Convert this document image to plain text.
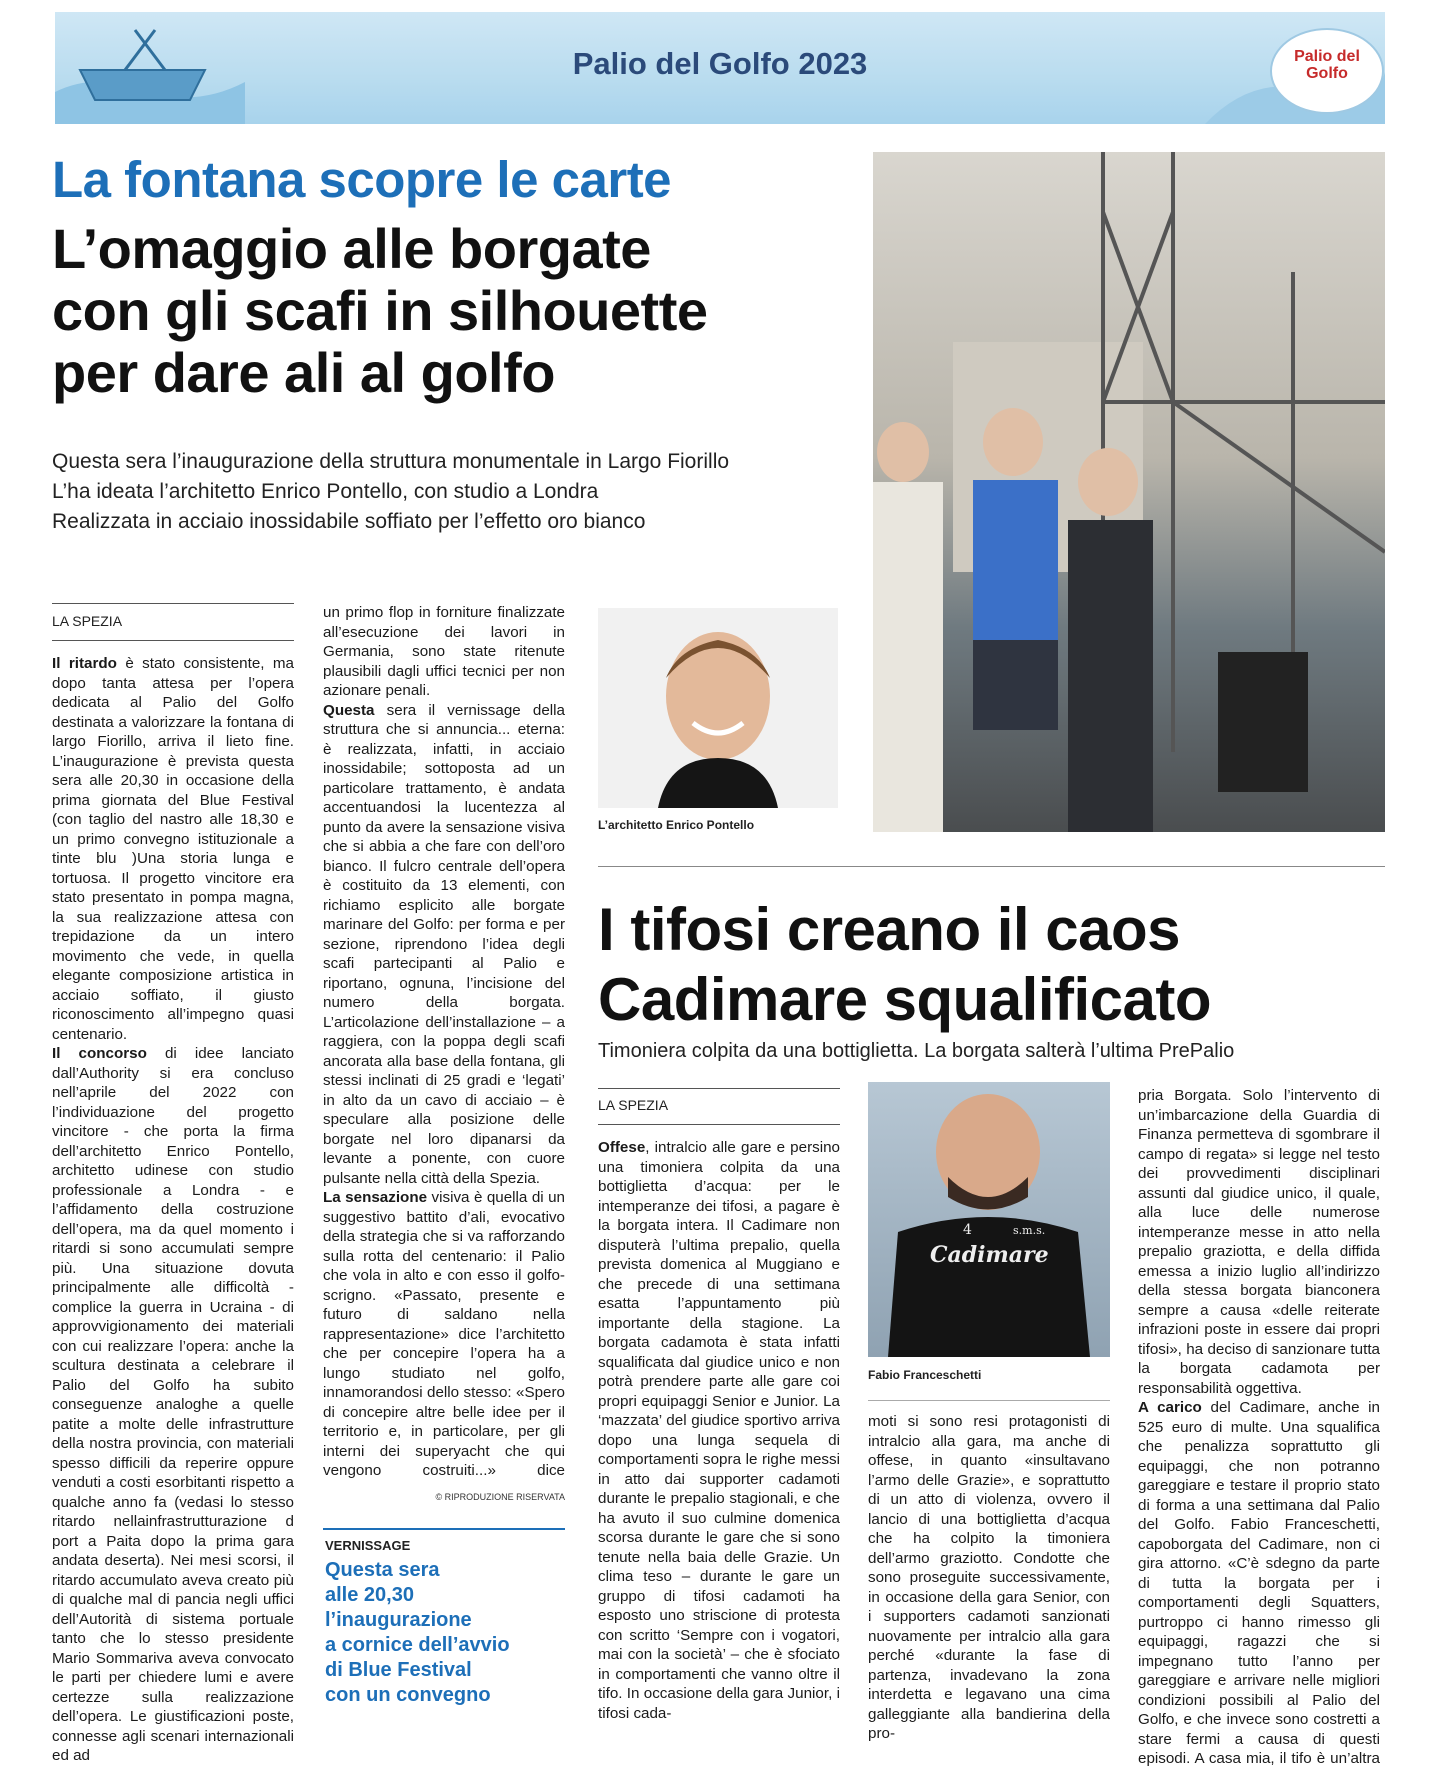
Palio del Golfo 2023	Palio del Golfo
La fontana scopre le carte
L’omaggio alle borgate
con gli scafi in silhouette
per dare ali al golfo
Questa sera l’inaugurazione della struttura monumentale in Largo Fiorillo
L’ha ideata l’architetto Enrico Pontello, con studio a Londra
Realizzata in acciaio inossidabile soffiato per l’effetto oro bianco
L’architetto Enrico Pontello
LA SPEZIA

Il ritardo è stato consistente, ma dopo tanta attesa per l’opera dedicata al Palio del Golfo destinata a valorizzare la fontana di largo Fiorillo, arriva il lieto fine. L’inaugurazione è prevista questa sera alle 20,30 in occasione della prima giornata del Blue Festival (con taglio del nastro alle 18,30 e un primo convegno istituzionale a tinte blu )Una storia lunga e tortuosa. Il progetto vincitore era stato presentato in pompa magna, la sua realizzazione attesa con trepidazione da un intero movimento che vede, in quella elegante composizione artistica in acciaio soffiato, il giusto riconoscimento all’impegno quasi centenario.

Il concorso di idee lanciato dall’Authority si era concluso nell’aprile del 2022 con l’individuazione del progetto vincitore - che porta la firma dell’architetto Enrico Pontello, architetto udinese con studio professionale a Londra - e l’affidamento della costruzione dell’opera, ma da quel momento i ritardi si sono accumulati sempre più. Una situazione dovuta principalmente alle difficoltà - complice la guerra in Ucraina - di approvvigionamento dei materiali con cui realizzare l’opera: anche la scultura destinata a celebrare il Palio del Golfo ha subito conseguenze analoghe a quelle patite a molte delle infrastrutture della nostra provincia, con materiali spesso difficili da reperire oppure venduti a costi esorbitanti rispetto a qualche anno fa (vedasi lo stesso ritardo nellainfrastrutturazione d port a Paita dopo la prima gara andata deserta). Nei mesi scorsi, il ritardo accumulato aveva creato più di qualche mal di pancia negli uffici dell’Autorità di sistema portuale tanto che lo stesso presidente Mario Sommariva aveva convocato le parti per chiedere lumi e avere certezze sulla realizzazione dell’opera. Le giustificazioni poste, connesse agli scenari internazionali ed ad

un primo flop in forniture finalizzate all’esecuzione dei lavori in Germania, sono state ritenute plausibili dagli uffici tecnici per non azionare penali.

Questa sera il vernissage della struttura che si annuncia... eterna: è realizzata, infatti, in acciaio inossidabile; sottoposta ad un particolare trattamento, è andata accentuandosi la lucentezza al punto da avere la sensazione visiva che si abbia a che fare con dell’oro bianco. Il fulcro centrale dell’opera è costituito da 13 elementi, con richiamo esplicito alle borgate marinare del Golfo: per forma e per sezione, riprendono l’idea degli scafi partecipanti al Palio e riportano, ognuna, l’incisione del numero della borgata. L’articolazione dell’installazione – a raggiera, con la poppa degli scafi ancorata alla base della fontana, gli stessi inclinati di 25 gradi e ‘legati’ in alto da un cavo di acciaio – è speculare alla posizione delle borgate nel loro dipanarsi da levante a ponente, con cuore pulsante nella città della Spezia.

La sensazione visiva è quella di un suggestivo battito d’ali, evocativo della strategia che si va rafforzando sulla rotta del centenario: il Palio che vola in alto e con esso il golfo-scrigno. «Passato, presente e futuro di saldano nella rappresentazione» dice l’architetto che per concepire l’opera ha a lungo studiato nel golfo, innamorandosi dello stesso: «Spero di concepire altre belle idee per il territorio e, in particolare, per gli interni dei superyacht che qui vengono costruiti...» dice

© RIPRODUZIONE RISERVATA
VERNISSAGE
Questa sera
alle 20,30
l’inaugurazione
a cornice dell’avvio
di Blue Festival
con un convegno
I tifosi creano il caos
Cadimare squalificato
Timoniera colpita da una bottiglietta. La borgata salterà l’ultima PrePalio
LA SPEZIA

Offese, intralcio alle gare e persino una timoniera colpita da una bottiglietta d’acqua: per le intemperanze dei tifosi, a pagare è la borgata intera. Il Cadimare non disputerà l’ultima prepalio, quella prevista domenica al Muggiano e che precede di una settimana esatta l’appuntamento più importante della stagione. La borgata cadamota è stata infatti squalificata dal giudice unico e non potrà prendere parte alle gare coi propri equipaggi Senior e Junior. La ‘mazzata’ del giudice sportivo arriva dopo una lunga sequela di comportamenti sopra le righe messi in atto dai supporter cadamoti durante le prepalio stagionali, e che ha avuto il suo culmine domenica scorsa durante le gare che si sono tenute nella baia delle Grazie. Un clima teso – durante le gare un gruppo di tifosi cadamoti ha esposto uno striscione di protesta con scritto ‘Sempre con i vogatori, mai con la società’ – che è sfociato in comportamenti che vanno oltre il tifo. In occasione della gara Junior, i tifosi cada-

4	s.m.s.
Cadimare
Fabio Franceschetti

moti si sono resi protagonisti di intralcio alla gara, ma anche di offese, in quanto «insultavano l’armo delle Grazie», e soprattutto di un atto di violenza, ovvero il lancio di una bottiglietta d’acqua che ha colpito la timoniera dell’armo graziotto. Condotte che sono proseguite successivamente, in occasione della gara Senior, con i supporters cadamoti sanzionati nuovamente per intralcio alla gara perché «durante la fase di partenza, invadevano la zona interdetta e legavano una cima galleggiante alla bandierina della pro-

pria Borgata. Solo l’intervento di un’imbarcazione della Guardia di Finanza permetteva di sgombrare il campo di regata» si legge nel testo dei provvedimenti disciplinari assunti dal giudice unico, il quale, alla luce delle numerose intemperanze messe in atto nella prepalio graziotta, e della diffida emessa a inizio luglio all’indirizzo della stessa borgata bianconera sempre a causa «delle reiterate infrazioni poste in essere dai propri tifosi», ha deciso di sanzionare tutta la borgata cadamota per responsabilità oggettiva.

A carico del Cadimare, anche in 525 euro di multe. Una squalifica che penalizza soprattutto gli equipaggi, che non potranno gareggiare e testare il proprio stato di forma a una settimana dal Palio del Golfo. Fabio Franceschetti, capoborgata del Cadimare, non ci gira attorno. «C’è sdegno da parte di tutta la borgata per i comportamenti degli Squatters, purtroppo ci hanno rimesso gli equipaggi, ragazzi che si impegnano tutto l’anno per gareggiare e arrivare nelle migliori condizioni possibili al Palio del Golfo, e che invece sono costretti a stare fermi a causa di questi episodi. A casa mia, il tifo è un’altra
